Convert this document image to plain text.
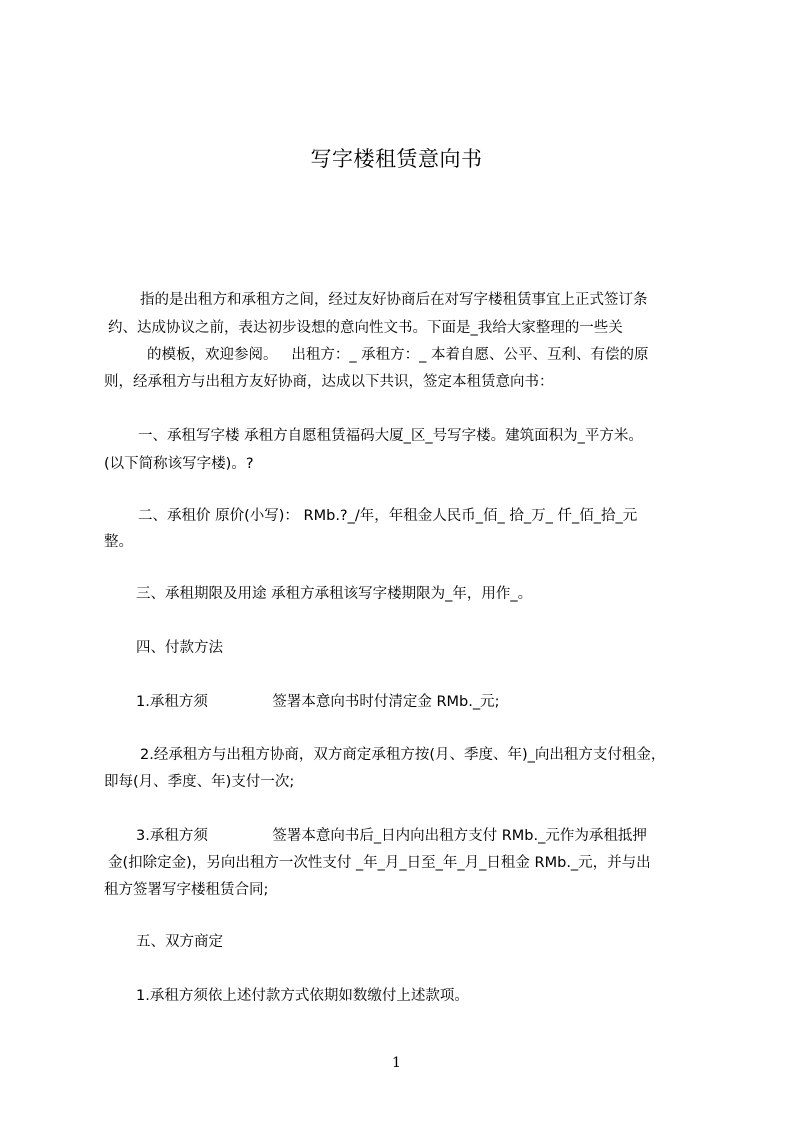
写字楼租赁意向书

指的是出租方和承租方之间，经过友好协商后在对写字楼租赁事宜上正式签订条

约、达成协议之前，表达初步设想的意向性文书。下面是_我给大家整理的一些关

的模板，欢迎参阅。   出租方：_ 承租方：_ 本着自愿、公平、互利、有偿的原

则，经承租方与出租方友好协商，达成以下共识，签定本租赁意向书：

一、承租写字楼 承租方自愿租赁福码大厦_区_号写字楼。建筑面积为_平方米。

(以下简称该写字楼)。?

二、承租价 原价(小写)： RMb.?_/年，年租金人民币_佰_ 拾_万_ 仟_佰_拾_元

整。

三、承租期限及用途 承租方承租该写字楼期限为_年，用作_。

四、付款方法

1.承租方须              签署本意向书时付清定金 RMb._元;

2.经承租方与出租方协商，双方商定承租方按(月、季度、年)_向出租方支付租金，

即每(月、季度、年)支付一次;

3.承租方须              签署本意向书后_日内向出租方支付 RMb._元作为承租抵押

金(扣除定金)，另向出租方一次性支付 _年_月_日至_年_月_日租金 RMb._元，并与出

租方签署写字楼租赁合同;

五、双方商定

1.承租方须依上述付款方式依期如数缴付上述款项。

1
